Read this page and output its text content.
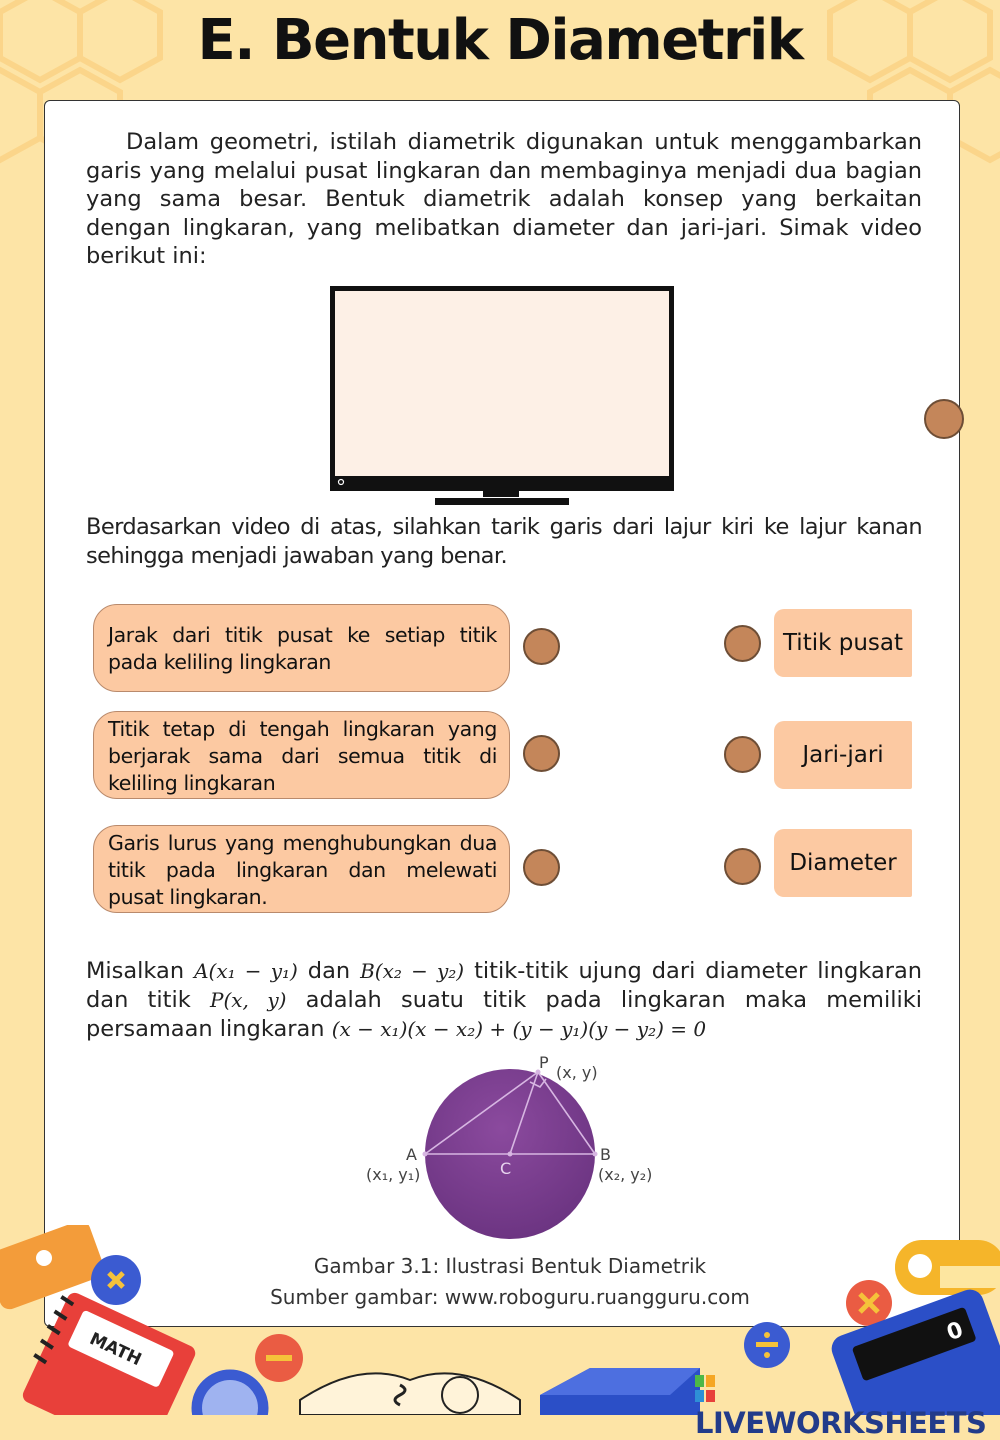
E. Bentuk Diametrik

Dalam geometri, istilah diametrik digunakan untuk menggambarkan garis yang melalui pusat lingkaran dan membaginya menjadi dua bagian yang sama besar. Bentuk diametrik adalah konsep yang berkaitan dengan lingkaran, yang melibatkan diameter dan jari-jari. Simak video berikut ini:

Berdasarkan video di atas, silahkan tarik garis dari lajur kiri ke lajur kanan sehingga menjadi jawaban yang benar.

Jarak dari titik pusat ke setiap titik pada keliling lingkaran
Titik tetap di tengah lingkaran yang berjarak sama dari semua titik di keliling lingkaran
Garis lurus yang menghubungkan dua titik pada lingkaran dan melewati pusat lingkaran.
Titik pusat
Jari-jari
Diameter

Misalkan A(x₁ − y₁) dan B(x₂ − y₂) titik-titik ujung dari diameter lingkaran dan titik P(x, y) adalah suatu titik pada lingkaran maka memiliki persamaan lingkaran (x − x₁)(x − x₂) + (y − y₁)(y − y₂) = 0

P
(x, y)
A
(x₁, y₁)
B
(x₂, y₂)
C
Gambar 3.1: Ilustrasi Bentuk Diametrik
Sumber gambar: www.roboguru.ruangguru.com
MATH	0
LIVEWORKSHEETS
